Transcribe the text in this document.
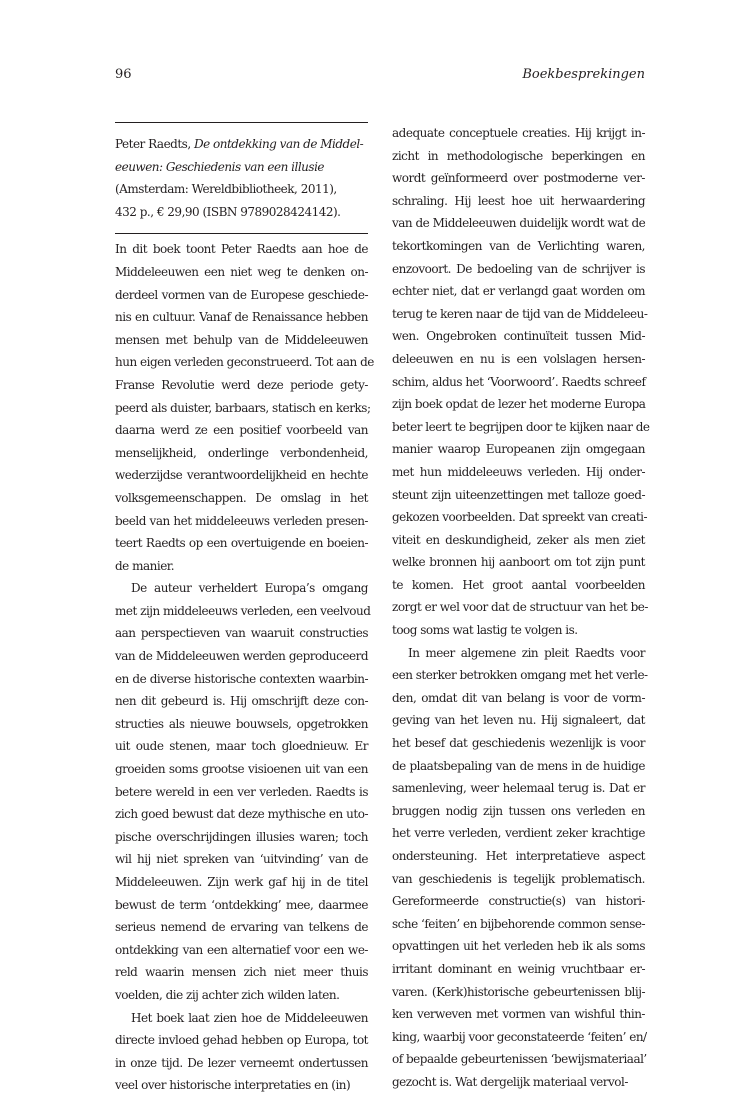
96	Boekbesprekingen
Peter Raedts, De ontdekking van de Middel-
eeuwen: Geschiedenis van een illusie
(Amsterdam: Wereldbibliotheek, 2011),
432 p., € 29,90 (ISBN 9789028424142).
In dit boek toont Peter Raedts aan hoe de
Middeleeuwen een niet weg te denken on-
derdeel vormen van de Europese geschiede-
nis en cultuur. Vanaf de Renaissance hebben
mensen met behulp van de Middeleeuwen
hun eigen verleden geconstrueerd. Tot aan de
Franse Revolutie werd deze periode gety-
peerd als duister, barbaars, statisch en kerks;
daarna werd ze een positief voorbeeld van
menselijkheid, onderlinge verbondenheid,
wederzijdse verantwoordelijkheid en hechte
volksgemeenschappen. De omslag in het
beeld van het middeleeuws verleden presen-
teert Raedts op een overtuigende en boeien-
de manier.
De auteur verheldert Europa’s omgang
met zijn middeleeuws verleden, een veelvoud
aan perspectieven van waaruit constructies
van de Middeleeuwen werden geproduceerd
en de diverse historische contexten waarbin-
nen dit gebeurd is. Hij omschrijft deze con-
structies als nieuwe bouwsels, opgetrokken
uit oude stenen, maar toch gloednieuw. Er
groeiden soms grootse visioenen uit van een
betere wereld in een ver verleden. Raedts is
zich goed bewust dat deze mythische en uto-
pische overschrijdingen illusies waren; toch
wil hij niet spreken van ‘uitvinding’ van de
Middeleeuwen. Zijn werk gaf hij in de titel
bewust de term ‘ontdekking’ mee, daarmee
serieus nemend de ervaring van telkens de
ontdekking van een alternatief voor een we-
reld waarin mensen zich niet meer thuis
voelden, die zij achter zich wilden laten.
Het boek laat zien hoe de Middeleeuwen
directe invloed gehad hebben op Europa, tot
in onze tijd. De lezer verneemt ondertussen
veel over historische interpretaties en (in)
adequate conceptuele creaties. Hij krijgt in-
zicht in methodologische beperkingen en
wordt geïnformeerd over postmoderne ver-
schraling. Hij leest hoe uit herwaardering
van de Middeleeuwen duidelijk wordt wat de
tekortkomingen van de Verlichting waren,
enzovoort. De bedoeling van de schrijver is
echter niet, dat er verlangd gaat worden om
terug te keren naar de tijd van de Middeleeu-
wen. Ongebroken continuïteit tussen Mid-
deleeuwen en nu is een volslagen hersen-
schim, aldus het ‘Voorwoord’. Raedts schreef
zijn boek opdat de lezer het moderne Europa
beter leert te begrijpen door te kijken naar de
manier waarop Europeanen zijn omgegaan
met hun middeleeuws verleden. Hij onder-
steunt zijn uiteenzettingen met talloze goed-
gekozen voorbeelden. Dat spreekt van creati-
viteit en deskundigheid, zeker als men ziet
welke bronnen hij aanboort om tot zijn punt
te komen. Het groot aantal voorbeelden
zorgt er wel voor dat de structuur van het be-
toog soms wat lastig te volgen is.
In meer algemene zin pleit Raedts voor
een sterker betrokken omgang met het verle-
den, omdat dit van belang is voor de vorm-
geving van het leven nu. Hij signaleert, dat
het besef dat geschiedenis wezenlijk is voor
de plaatsbepaling van de mens in de huidige
samenleving, weer helemaal terug is. Dat er
bruggen nodig zijn tussen ons verleden en
het verre verleden, verdient zeker krachtige
ondersteuning. Het interpretatieve aspect
van geschiedenis is tegelijk problematisch.
Gereformeerde constructie(s) van histori-
sche ‘feiten’ en bijbehorende common sense-
opvattingen uit het verleden heb ik als soms
irritant dominant en weinig vruchtbaar er-
varen. (Kerk)historische gebeurtenissen blij-
ken verweven met vormen van wishful thin-
king, waarbij voor geconstateerde ‘feiten’ en/
of bepaalde gebeurtenissen ‘bewijsmateriaal’
gezocht is. Wat dergelijk materiaal vervol-
